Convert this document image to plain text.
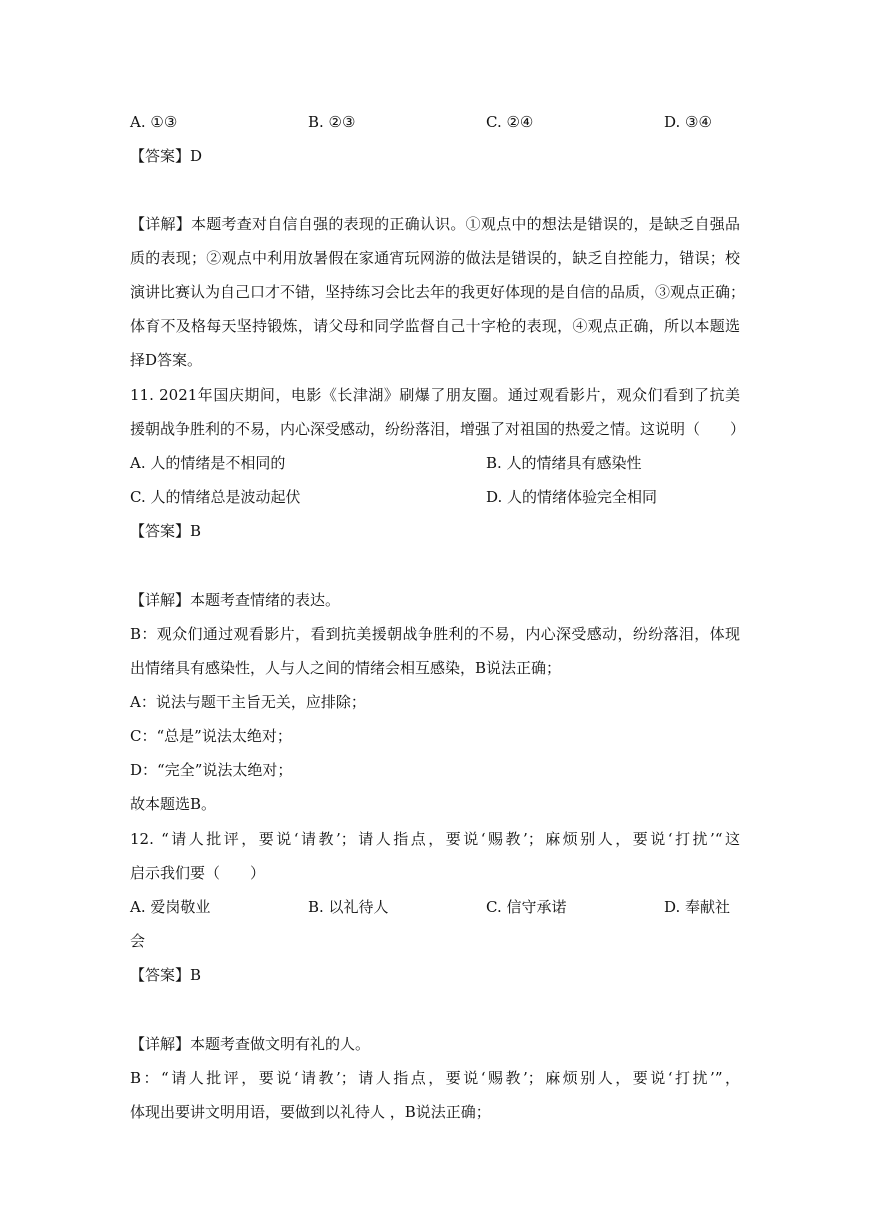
A. ①③	B. ②③	C. ②④	D. ③④
【答案】D
【详解】本题考查对自信自强的表现的正确认识。①观点中的想法是错误的，是缺乏自强品
质的表现；②观点中利用放暑假在家通宵玩网游的做法是错误的，缺乏自控能力，错误；校
演讲比赛认为自己口才不错，坚持练习会比去年的我更好体现的是自信的品质，③观点正确；
体育不及格每天坚持锻炼，请父母和同学监督自己十字枪的表现，④观点正确，所以本题选
择D答案。
11. 2021年国庆期间，电影《长津湖》刷爆了朋友圈。通过观看影片，观众们看到了抗美
援朝战争胜利的不易，内心深受感动，纷纷落泪，增强了对祖国的热爱之情。这说明（　　）
A. 人的情绪是不相同的	B. 人的情绪具有感染性
C. 人的情绪总是波动起伏	D. 人的情绪体验完全相同
【答案】B
【详解】本题考查情绪的表达。
B：观众们通过观看影片，看到抗美援朝战争胜利的不易，内心深受感动，纷纷落泪，体现
出情绪具有感染性，人与人之间的情绪会相互感染，B说法正确；
A：说法与题干主旨无关，应排除；
C：“总是”说法太绝对；
D：“完全”说法太绝对；
故本题选B。
12. “请人批评，要说‘请教’；请人指点，要说‘赐教’；麻烦别人，要说‘打扰’“这
启示我们要（　　）
A. 爱岗敬业	B. 以礼待人	C. 信守承诺	D. 奉献社
会
【答案】B
【详解】本题考查做文明有礼的人。
B：“请人批评，要说‘请教’；请人指点，要说‘赐教’；麻烦别人，要说‘打扰’”，
体现出要讲文明用语，要做到以礼待人 ，B说法正确；
